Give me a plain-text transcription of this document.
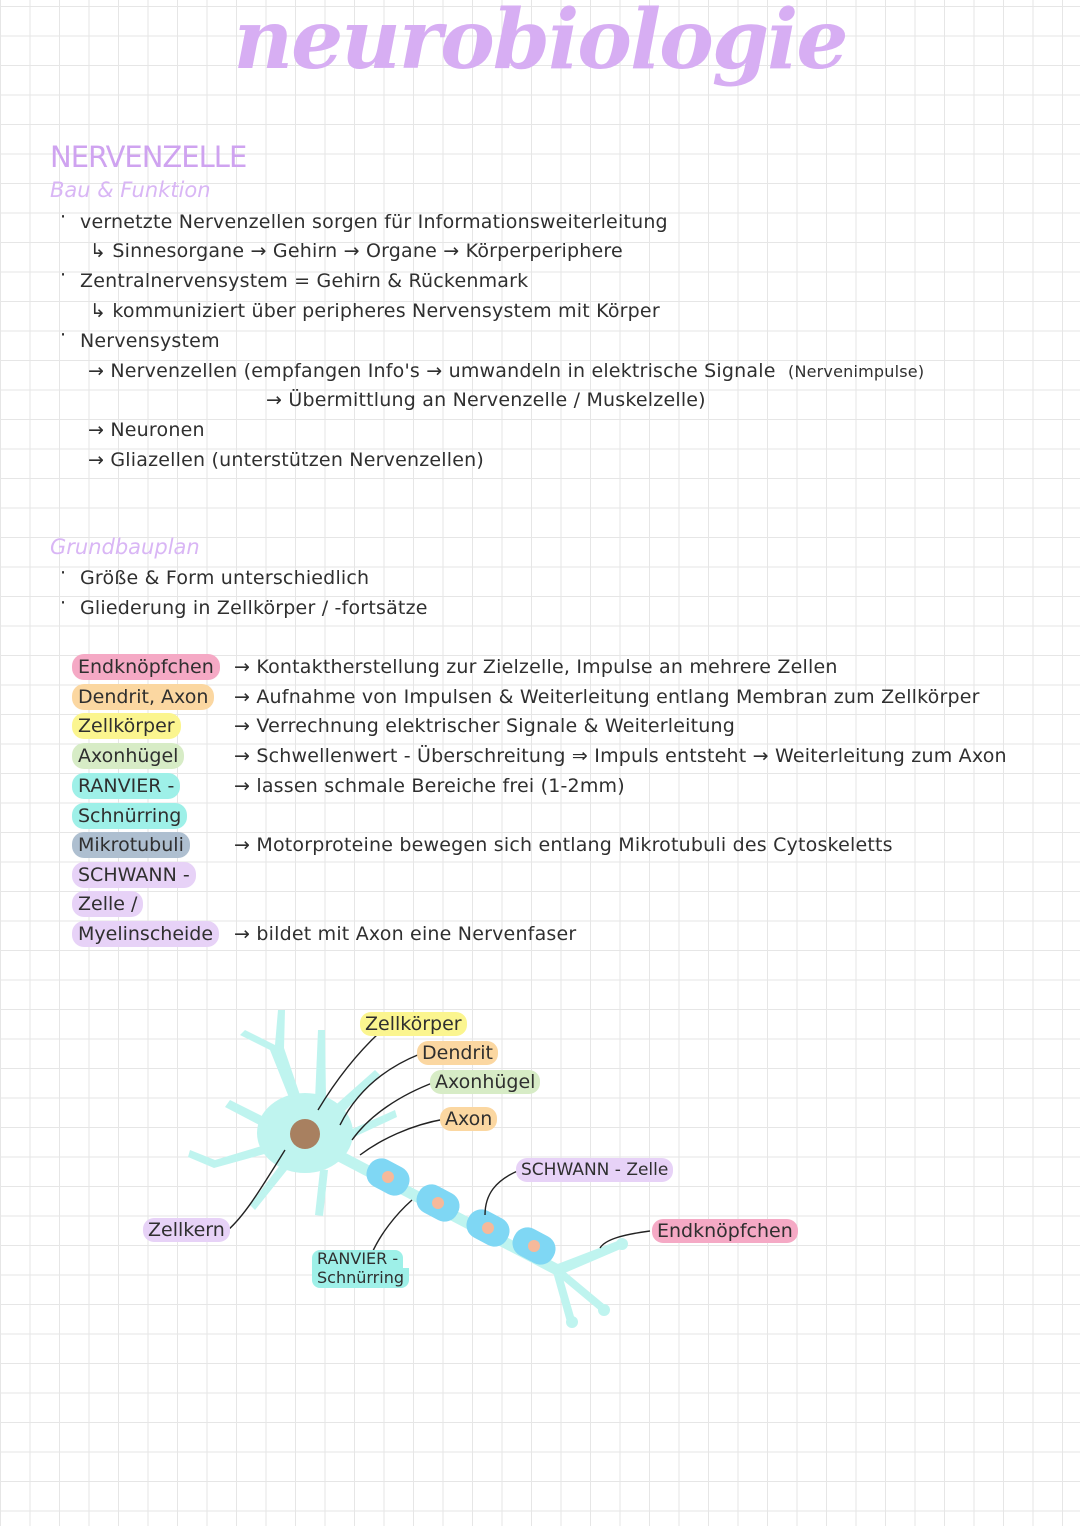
neurobiologie
NERVENZELLE
Bau & Funktion
· vernetzte Nervenzellen sorgen für Informationsweiterleitung
↳ Sinnesorgane → Gehirn → Organe → Körperperiphere
· Zentralnervensystem = Gehirn & Rückenmark
↳ kommuniziert über peripheres Nervensystem mit Körper
· Nervensystem
→ Nervenzellen (empfangen Info's → umwandeln in elektrische Signale (Nervenimpulse)
→ Übermittlung an Nervenzelle / Muskelzelle)
→ Neuronen
→ Gliazellen (unterstützen Nervenzellen)
Grundbauplan
· Größe & Form unterschiedlich
· Gliederung in Zellkörper / -fortsätze
Endknöpfchen
Dendrit, Axon
Zellkörper
Axonhügel
RANVIER -
Schnürring
Mikrotubuli
SCHWANN -
Zelle /
Myelinscheide
→ Kontaktherstellung zur Zielzelle, Impulse an mehrere Zellen
→ Aufnahme von Impulsen & Weiterleitung entlang Membran zum Zellkörper
→ Verrechnung elektrischer Signale & Weiterleitung
→ Schwellenwert - Überschreitung ⇒ Impuls entsteht → Weiterleitung zum Axon
→ lassen schmale Bereiche frei (1-2mm)
→ Motorproteine bewegen sich entlang Mikrotubuli des Cytoskeletts
→ bildet mit Axon eine Nervenfaser
Zellkörper
Dendrit
Axonhügel
Axon
SCHWANN - Zelle
Endknöpfchen
Zellkern
RANVIER -
Schnürring
